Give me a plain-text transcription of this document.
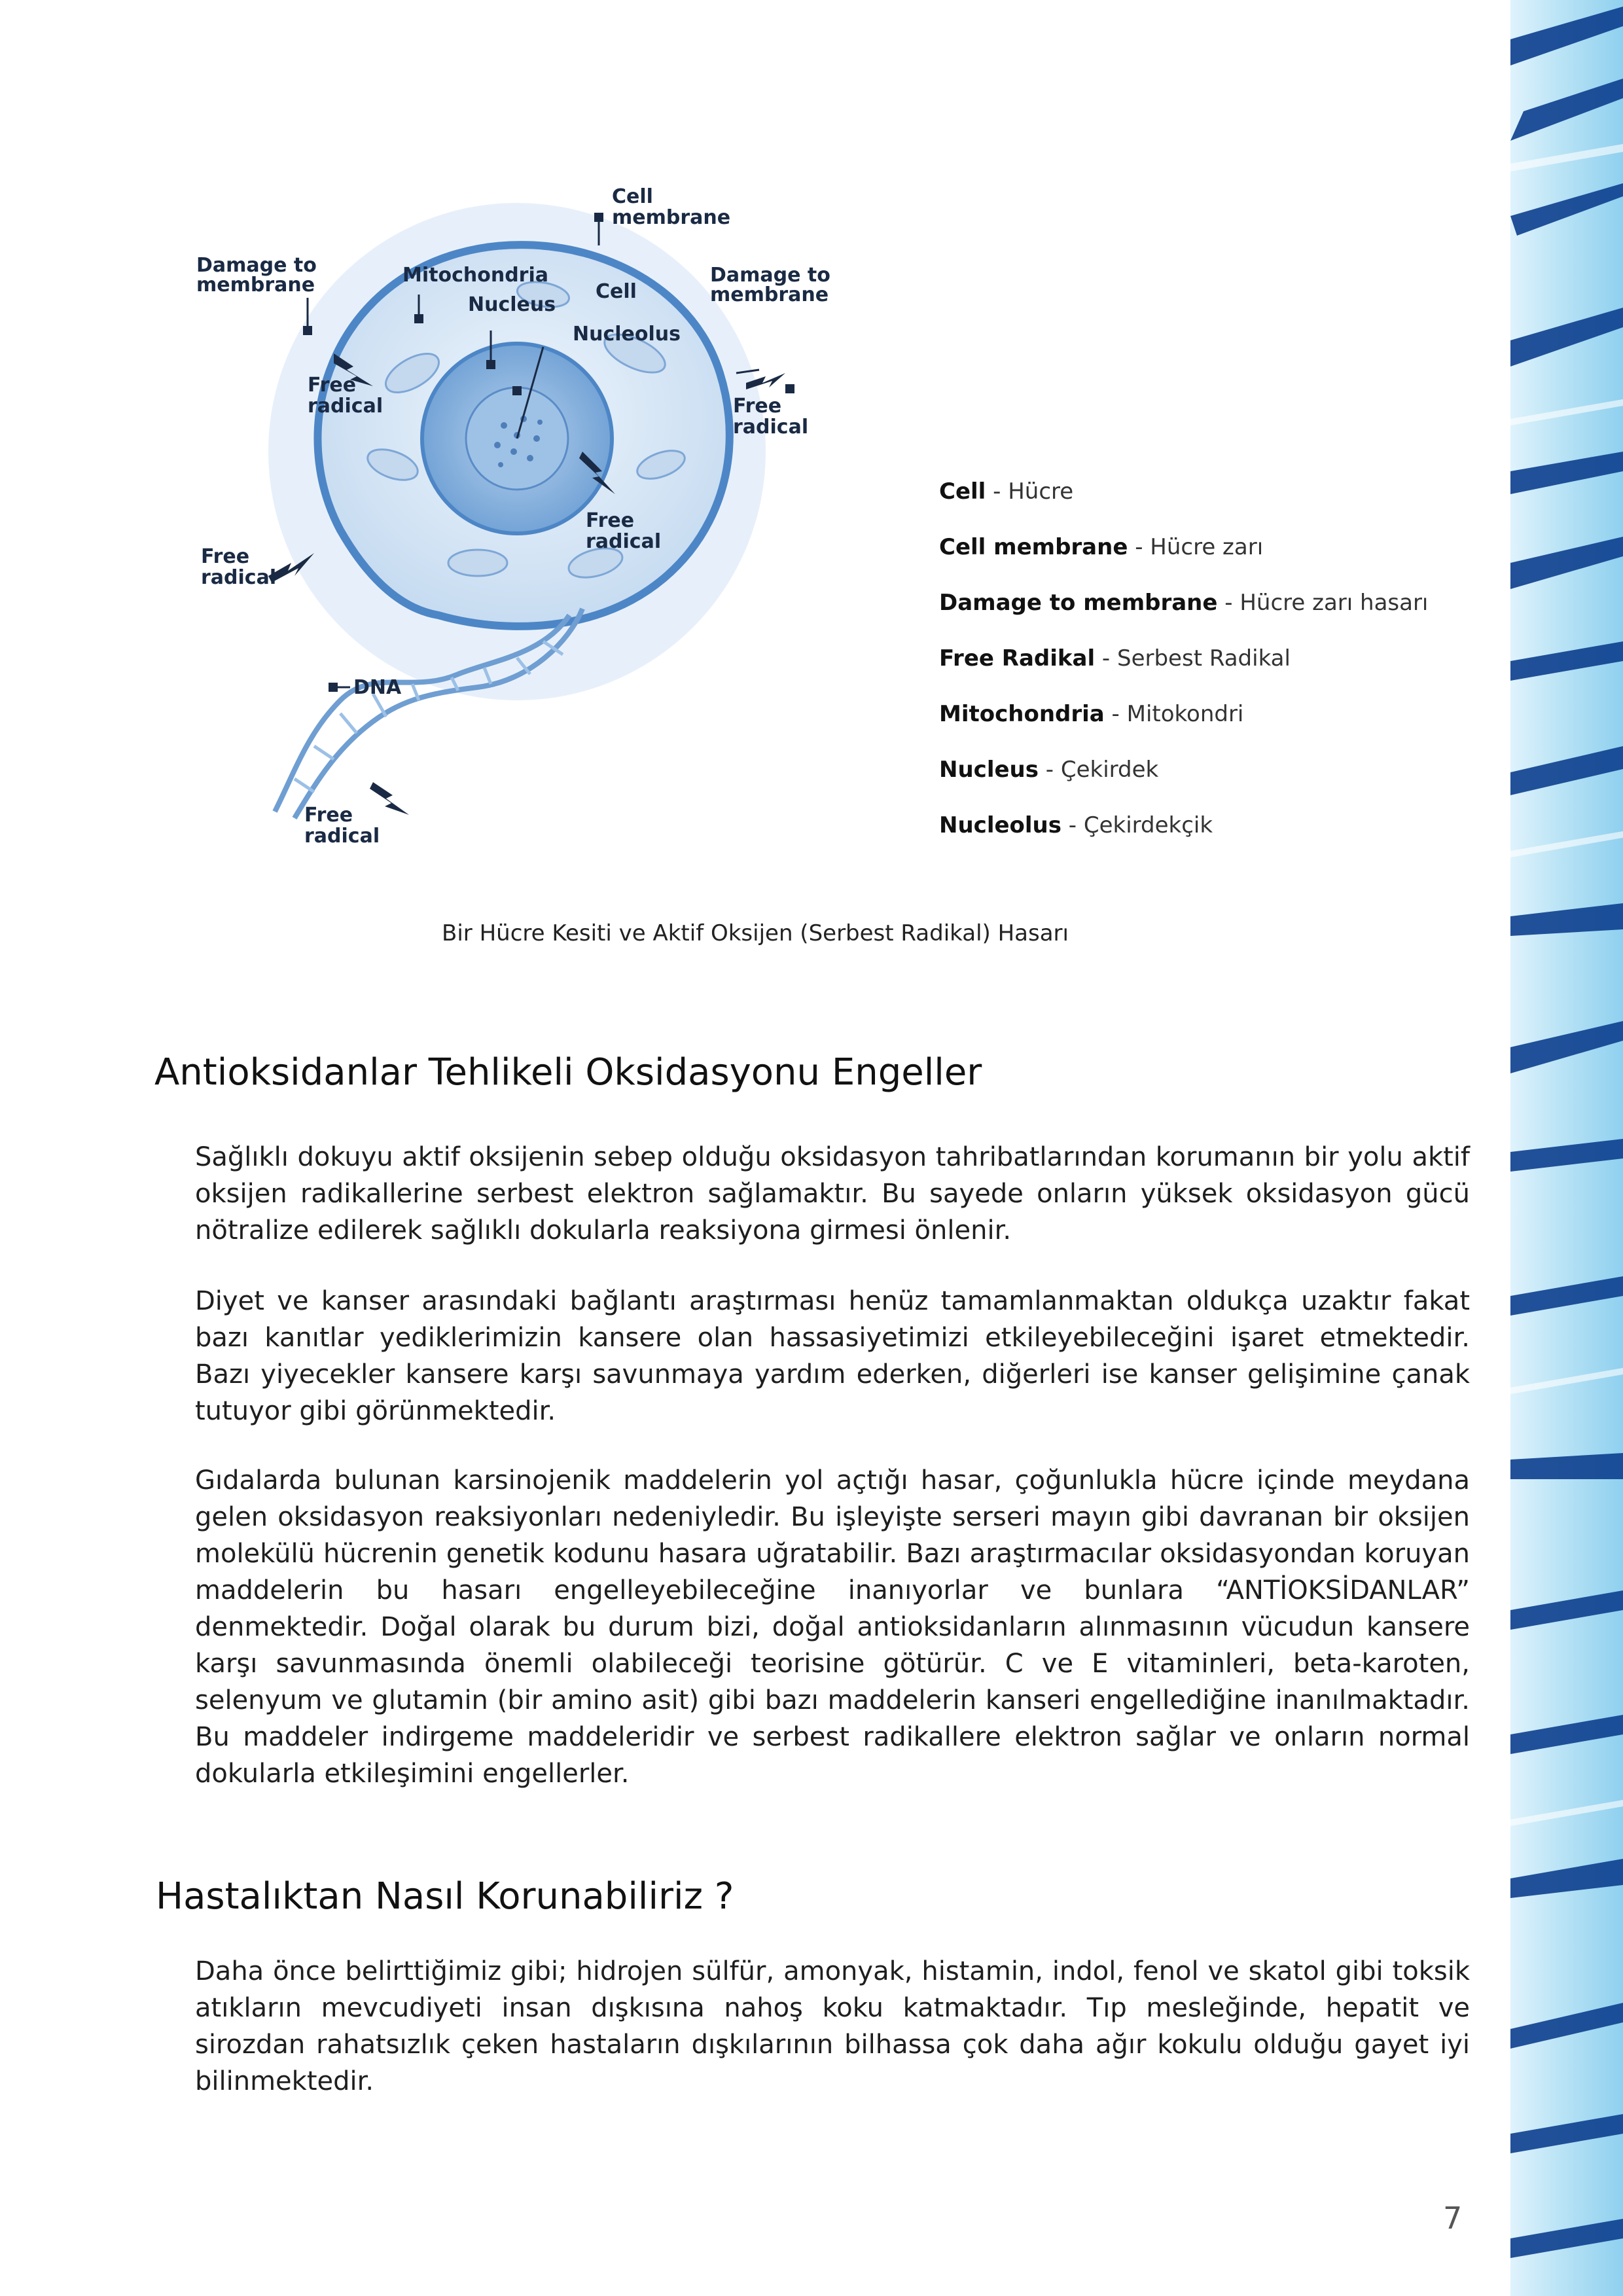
Cell
membrane
Damage to
membrane	Mitochondria
Nucleus
Cell
Nucleolus
Damage to
membrane
Free
radical	Free
radical
Free
radical
Free
radical
DNA
Free
radical
Cell - Hücre
Cell membrane - Hücre zarı
Damage to membrane - Hücre zarı hasarı
Free Radikal - Serbest Radikal
Mitochondria - Mitokondri
Nucleus - Çekirdek
Nucleolus - Çekirdekçik
Bir Hücre Kesiti ve Aktif Oksijen (Serbest Radikal) Hasarı
Antioksidanlar Tehlikeli Oksidasyonu Engeller

Sağlıklı dokuyu aktif oksijenin sebep olduğu oksidasyon tahribatlarından korumanın bir yolu aktif oksijen radikallerine serbest elektron sağlamaktır. Bu sayede onların yüksek oksidasyon gücü nötralize edilerek sağlıklı dokularla reaksiyona girmesi önlenir.

Diyet ve kanser arasındaki bağlantı araştırması henüz tamamlanmaktan oldukça uzaktır fakat bazı kanıtlar yediklerimizin kansere olan hassasiyetimizi etkileyebileceğini işaret etmektedir. Bazı yiyecekler kansere karşı savunmaya yardım ederken, diğerleri ise kanser gelişimine çanak tutuyor gibi görünmektedir.

Gıdalarda bulunan karsinojenik maddelerin yol açtığı hasar, çoğunlukla hücre içinde meydana gelen oksidasyon reaksiyonları nedeniyledir. Bu işleyişte serseri mayın gibi davranan bir oksijen molekülü hücrenin genetik kodunu hasara uğratabilir. Bazı araştırmacılar oksidasyondan koruyan maddelerin bu hasarı engelleyebileceğine inanıyorlar ve bunlara “ANTİOKSİDANLAR” denmektedir. Doğal olarak bu durum bizi, doğal antioksidanların alınmasının vücudun kansere karşı savunmasında önemli olabileceği teorisine götürür. C ve E vitaminleri, beta-karoten, selenyum ve glutamin (bir amino asit) gibi bazı maddelerin kanseri engellediğine inanılmaktadır. Bu maddeler indirgeme maddeleridir ve serbest radikallere elektron sağlar ve onların normal dokularla etkileşimini engellerler.

Hastalıktan Nasıl Korunabiliriz ?

Daha önce belirttiğimiz gibi; hidrojen sülfür, amonyak, histamin, indol, fenol ve skatol gibi toksik atıkların mevcudiyeti insan dışkısına nahoş koku katmaktadır. Tıp mesleğinde, hepatit ve sirozdan rahatsızlık çeken hastaların dışkılarının bilhassa çok daha ağır kokulu olduğu gayet iyi bilinmektedir.

7
